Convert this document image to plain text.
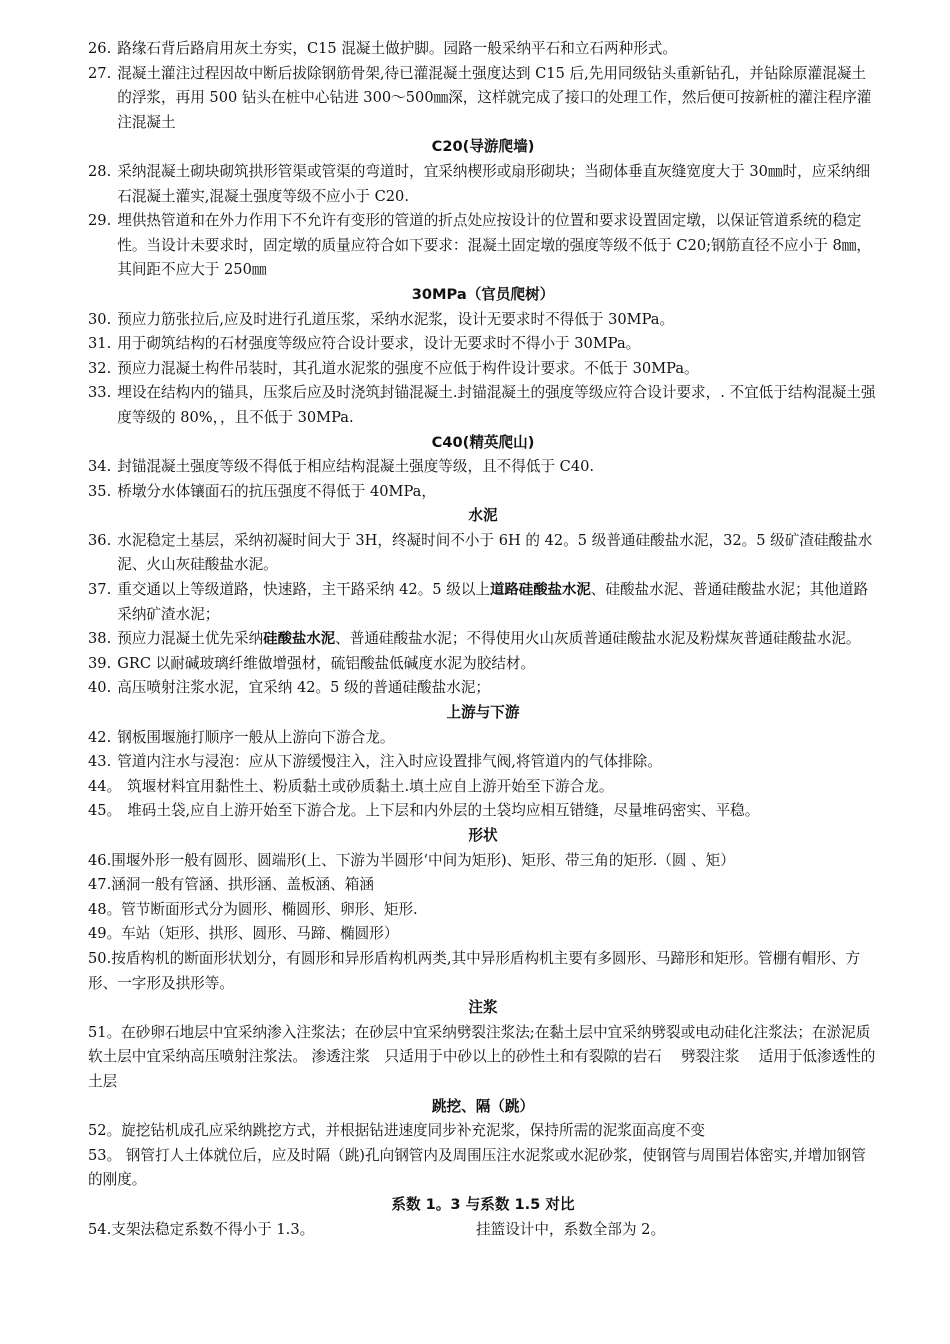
26. 路缘石背后路肩用灰土夯实，C15 混凝土做护脚。园路一般采纳平石和立石两种形式。
27. 混凝土灌注过程因故中断后拔除钢筋骨架,待已灌混凝土强度达到 C15 后,先用同级钻头重新钻孔，并钻除原灌混凝土的浮浆，再用 500 钻头在桩中心钻进 300～500㎜深，这样就完成了接口的处理工作，然后便可按新桩的灌注程序灌注混凝土
C20(导游爬墙)
28. 采纳混凝土砌块砌筑拱形管渠或管渠的弯道时，宜采纳楔形或扇形砌块；当砌体垂直灰缝宽度大于 30㎜时，应采纳细石混凝土灌实,混凝土强度等级不应小于 C20.
29. 埋供热管道和在外力作用下不允许有变形的管道的折点处应按设计的位置和要求设置固定墩，以保证管道系统的稳定性。当设计未要求时，固定墩的质量应符合如下要求：混凝土固定墩的强度等级不低于 C20;钢筋直径不应小于 8㎜，其间距不应大于 250㎜
30MPa（官员爬树）
30. 预应力筋张拉后,应及时进行孔道压浆，采纳水泥浆，设计无要求时不得低于 30MPa。
31. 用于砌筑结构的石材强度等级应符合设计要求，设计无要求时不得小于 30MPa。
32. 预应力混凝土构件吊装时，其孔道水泥浆的强度不应低于构件设计要求。不低于 30MPa。
33. 埋设在结构内的锚具，压浆后应及时浇筑封锚混凝土.封锚混凝土的强度等级应符合设计要求，. 不宜低于结构混凝土强度等级的 80%，，且不低于 30MPa.
C40(精英爬山)
34. 封锚混凝土强度等级不得低于相应结构混凝土强度等级，且不得低于 C40.
35. 桥墩分水体镶面石的抗压强度不得低于 40MPa，
水泥
36. 水泥稳定土基层，采纳初凝时间大于 3H，终凝时间不小于 6H 的 42。5 级普通硅酸盐水泥，32。5 级矿渣硅酸盐水泥、火山灰硅酸盐水泥。
37. 重交通以上等级道路，快速路，主干路采纳 42。5 级以上道路硅酸盐水泥、硅酸盐水泥、普通硅酸盐水泥；其他道路采纳矿渣水泥；
38. 预应力混凝土优先采纳硅酸盐水泥、普通硅酸盐水泥；不得使用火山灰质普通硅酸盐水泥及粉煤灰普通硅酸盐水泥。
39. GRC 以耐碱玻璃纤维做增强材，硫铝酸盐低碱度水泥为胶结材。
40. 高压喷射注浆水泥，宜采纳 42。5 级的普通硅酸盐水泥；
上游与下游
42. 钢板围堰施打顺序一般从上游向下游合龙。
43. 管道内注水与浸泡：应从下游缓慢注入，注入时应设置排气阀,将管道内的气体排除。
44。 筑堰材料宜用黏性土、粉质黏土或砂质黏土.填土应自上游开始至下游合龙。
45。 堆码土袋,应自上游开始至下游合龙。上下层和内外层的土袋均应相互错缝，尽量堆码密实、平稳。
形状
46.围堰外形一般有圆形、圆端形(上、下游为半圆形‘中间为矩形)、矩形、带三角的矩形.（圆 、矩）
47.涵洞一般有管涵、拱形涵、盖板涵、箱涵
48。管节断面形式分为圆形、椭圆形、卵形、矩形.
49。车站（矩形、拱形、圆形、马蹄、椭圆形）
50.按盾构机的断面形状划分，有圆形和异形盾构机两类,其中异形盾构机主要有多圆形、马蹄形和矩形。管棚有帽形、方形、一字形及拱形等。
注浆
51。在砂卵石地层中宜采纳渗入注浆法；在砂层中宜采纳劈裂注浆法;在黏土层中宜采纳劈裂或电动硅化注浆法；在淤泥质软土层中宜采纳高压喷射注浆法。 渗透注浆　只适用于中砂以上的砂性土和有裂隙的岩石　 劈裂注浆　 适用于低渗透性的土层
跳挖、隔（跳）
52。旋挖钻机成孔应采纳跳挖方式，并根据钻进速度同步补充泥浆，保持所需的泥浆面高度不变
53。 钢管打人土体就位后，应及时隔（跳)孔向钢管内及周围压注水泥浆或水泥砂浆，使钢管与周围岩体密实,并增加钢管的刚度。
系数 1。3 与系数 1.5 对比
54.支架法稳定系数不得小于 1.3。	挂篮设计中，系数全部为 2。
